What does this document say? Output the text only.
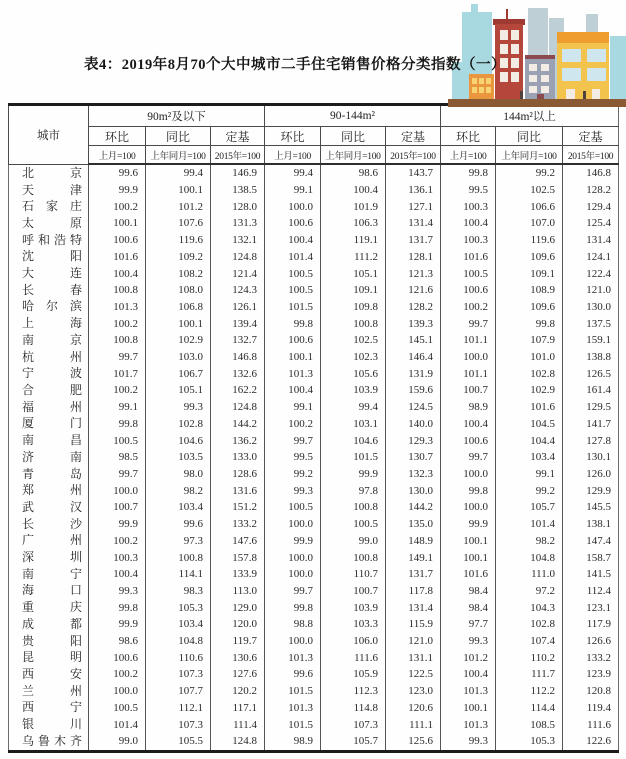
表4：2019年8月70个大中城市二手住宅销售价格分类指数（一）
城市	90m²及以下			90-144m²			144m²以上		
	环比	同比	定基	环比	同比	定基	环比	同比	定基
	上月=100	上年同月=100	2015年=100	上月=100	上年同月=100	2015年=100	上月=100	上年同月=100	2015年=100
北京	99.6	99.4	146.9	99.4	98.6	143.7	99.8	99.2	146.8
天津	99.9	100.1	138.5	99.1	100.4	136.1	99.5	102.5	128.2
石家庄	100.2	101.2	128.0	100.0	101.9	127.1	100.3	106.6	129.4
太原	100.1	107.6	131.3	100.6	106.3	131.4	100.4	107.0	125.4
呼和浩特	100.6	119.6	132.1	100.4	119.1	131.7	100.3	119.6	131.4
沈阳	101.6	109.2	124.8	101.4	111.2	128.1	101.6	109.6	124.1
大连	100.4	108.2	121.4	100.5	105.1	121.3	100.5	109.1	122.4
长春	100.8	108.0	124.3	100.5	109.1	121.6	100.6	108.9	121.0
哈尔滨	101.3	106.8	126.1	101.5	109.8	128.2	100.2	109.6	130.0
上海	100.2	100.1	139.4	99.8	100.8	139.3	99.7	99.8	137.5
南京	100.8	102.9	132.7	100.6	102.5	145.1	101.1	107.9	159.1
杭州	99.7	103.0	146.8	100.1	102.3	146.4	100.0	101.0	138.8
宁波	101.7	106.7	132.6	101.3	105.6	131.9	101.1	102.8	126.5
合肥	100.2	105.1	162.2	100.4	103.9	159.6	100.7	102.9	161.4
福州	99.1	99.3	124.8	99.1	99.4	124.5	98.9	101.6	129.5
厦门	99.8	102.8	144.2	100.2	103.1	140.0	100.4	104.5	141.7
南昌	100.5	104.6	136.2	99.7	104.6	129.3	100.6	104.4	127.8
济南	98.5	103.5	133.0	99.5	101.5	130.7	99.7	103.4	130.1
青岛	99.7	98.0	128.6	99.2	99.9	132.3	100.0	99.1	126.0
郑州	100.0	98.2	131.6	99.3	97.8	130.0	99.8	99.2	129.9
武汉	100.7	103.4	151.2	100.5	100.8	144.2	100.0	105.7	145.5
长沙	99.9	99.6	133.2	100.0	100.5	135.0	99.9	101.4	138.1
广州	100.2	97.3	147.6	99.9	99.0	148.9	100.1	98.2	147.4
深圳	100.3	100.8	157.8	100.0	100.8	149.1	100.1	104.8	158.7
南宁	100.4	114.1	133.9	100.0	110.7	131.7	101.6	111.0	141.5
海口	99.3	98.3	113.0	99.7	100.7	117.8	98.4	97.2	112.4
重庆	99.8	105.3	129.0	99.8	103.9	131.4	98.4	104.3	123.1
成都	99.9	103.4	120.0	98.8	103.3	115.9	97.7	102.8	117.9
贵阳	98.6	104.8	119.7	100.0	106.0	121.0	99.3	107.4	126.6
昆明	100.6	110.6	130.6	101.3	111.6	131.1	101.2	110.2	133.2
西安	100.2	107.3	127.6	99.6	105.9	122.5	100.4	111.7	123.9
兰州	100.0	107.7	120.2	101.5	112.3	123.0	101.3	112.2	120.8
西宁	100.5	112.1	117.1	101.3	114.8	120.6	100.1	114.4	119.4
银川	101.4	107.3	111.4	101.5	107.3	111.1	101.3	108.5	111.6
乌鲁木齐	99.0	105.5	124.8	98.9	105.7	125.6	99.3	105.3	122.6
